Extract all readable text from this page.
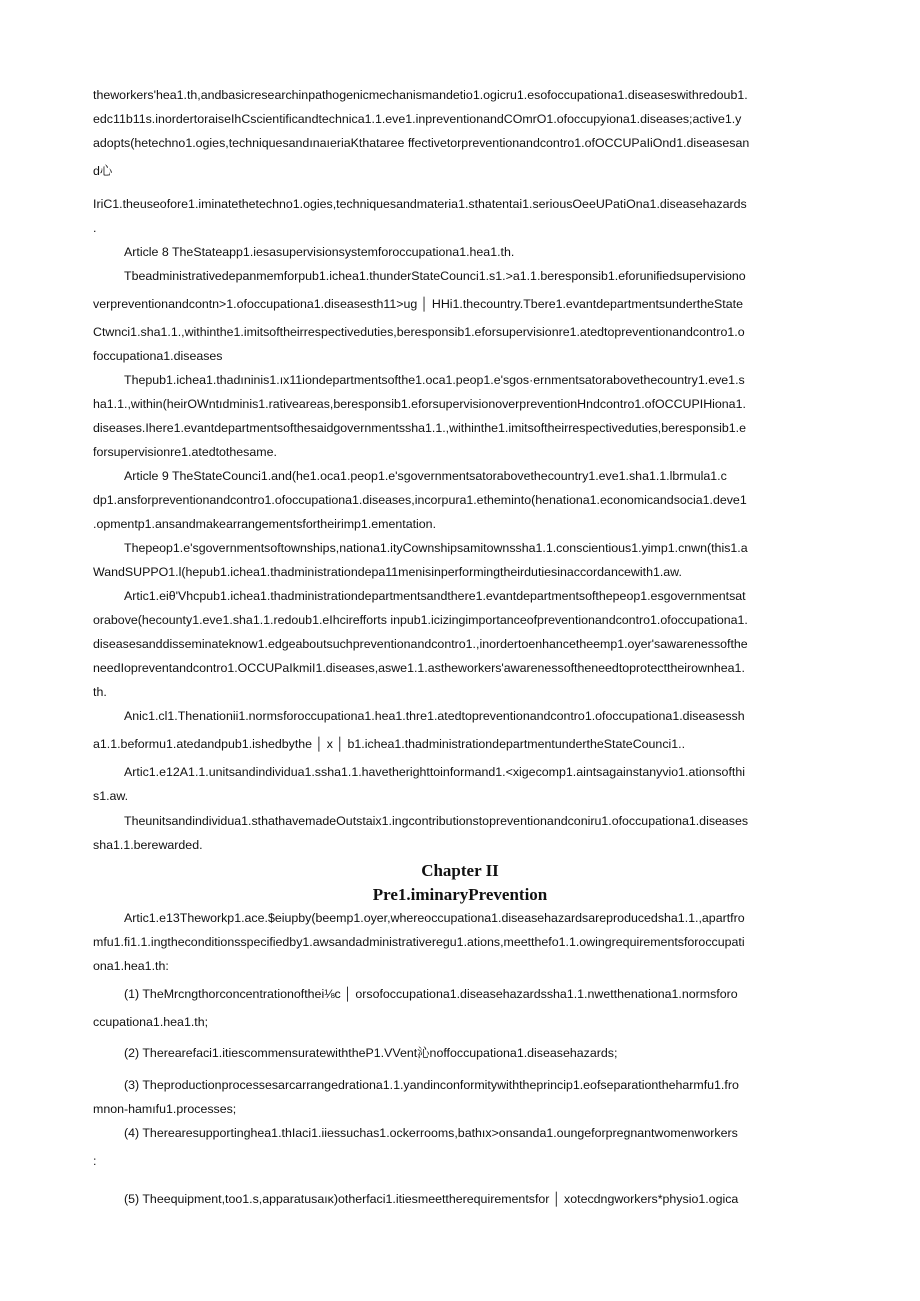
theworkers'hea1.th,andbasicresearchinpathogenicmechanismandetio1.ogicru1.esofoccupationa1.diseaseswithredoub1.
edc11b11s.inordertoraiseIhCscientificandtechnica1.1.eve1.inpreventionandCOmrO1.ofoccupyiona1.diseases;active1.y
adopts(hetechno1.ogies,techniquesandınaıeriaKthataree ffectivetorpreventionandcontro1.ofOCCUPaIiOnd1.diseasesan
d心
IriC1.theuseofore1.iminatethetechno1.ogies,techniquesandmateria1.sthatentai1.seriousOeeUPatiOna1.diseasehazards
.
Article 8 TheStateapp1.iesasupervisionsystemforoccupationa1.hea1.th.
Tbeadministrativedepanmemforpub1.ichea1.thunderStateCounci1.s1.>a1.1.beresponsib1.eforunifiedsupervisiono
verpreventionandcontn>1.ofoccupationa1.diseasesth11>ug │ HHi1.thecountry.Tbere1.evantdepartmentsundertheState
Ctwnci1.sha1.1.,withinthe1.imitsoftheirrespectiveduties,beresponsib1.eforsupervisionre1.atedtopreventionandcontro1.o
foccupationa1.diseases
Thepub1.ichea1.thadıninis1.ıx11iondepartmentsofthe1.oca1.peop1.e'sgos·ernmentsatorabovethecountry1.eve1.s
ha1.1.,within(heirOWntıdminis1.rativeareas,beresponsib1.eforsupervisionoverpreventionHndcontro1.ofOCCUPIHiona1.
diseases.Ihere1.evantdepartmentsofthesaidgovernmentssha1.1.,withinthe1.imitsoftheirrespectiveduties,beresponsib1.e
forsupervisionre1.atedtothesame.
Article 9 TheStateCounci1.and(he1.oca1.peop1.e'sgovernmentsatorabovethecountry1.eve1.sha1.1.lbrmula1.c
dp1.ansforpreventionandcontro1.ofoccupationa1.diseases,incorpura1.etheminto(henationa1.economicandsocia1.deve1
.opmentp1.ansandmakearrangementsfortheirimp1.ementation.
Thepeop1.e'sgovernmentsoftownships,nationa1.ityCownshipsamitownssha1.1.conscientious1.yimp1.cnwn(this1.a
WandSUPPO1.l(hepub1.ichea1.thadministrationdepa11menisinperformingtheirdutiesinaccordancewith1.aw.
Artic1.eiθ'Vhcpub1.ichea1.thadministrationdepartmentsandthere1.evantdepartmentsofthepeop1.esgovernmentsat
orabove(hecounty1.eve1.sha1.1.redoub1.eIhcirefforts inpub1.icizingimportanceofpreventionandcontro1.ofoccupationa1.
diseasesanddisseminateknow1.edgeaboutsuchpreventionandcontro1.,inordertoenhancetheemp1.oyer'sawarenessofthe
needIopreventandcontro1.OCCUPaIkmiI1.diseases,aswe1.1.astheworkers'awarenessoftheneedtoprotecttheirownhea1.
th.
Anic1.cl1.Thenationii1.normsforoccupationa1.hea1.thre1.atedtopreventionandcontro1.ofoccupationa1.diseasessh
a1.1.beformu1.atedandpub1.ishedbythe │ x │ b1.ichea1.thadministrationdepartmentundertheStateCounci1..
Artic1.e12A1.1.unitsandindividua1.ssha1.1.havetherighttoinformand1.<xigecomp1.aintsagainstanyvio1.ationsofthi
s1.aw.
Theunitsandindividua1.sthathavemadeOutstaix1.ingcontributionstopreventionandconiru1.ofoccupationa1.diseases
sha1.1.berewarded.
Chapter II
Pre1.iminaryPrevention
Artic1.e13Theworkp1.ace.$eiupby(beemp1.oyer,whereoccupationa1.diseasehazardsareproducedsha1.1.,apartfro
mfu1.fi1.1.ingtheconditionsspecifiedby1.awsandadministrativeregu1.ations,meetthefo1.1.owingrequirementsforoccupati
ona1.hea1.th:
(1) TheMrcngthorconcentrationofthei⅛c │ orsofoccupationa1.diseasehazardssha1.1.nwetthenationa1.normsforo
ccupationa1.hea1.th;
(2) Therearefaci1.itiescommensuratewiththeP1.VVent沁noffoccupationa1.diseasehazards;
(3) Theproductionprocessesarcarrangedrationa1.1.yandinconformitywiththeprincip1.eofseparationtheharmfu1.fro
mnon-hamıfu1.processes;
(4) Therearesupportinghea1.thIaci1.iiessuchas1.ockerrooms,bathıx>onsanda1.oungeforpregnantwomenworkers
:
(5) Theequipment,too1.s,apparatusaıκ)otherfaci1.itiesmeettherequirementsfor │ xotecdngworkers*physio1.ogica
